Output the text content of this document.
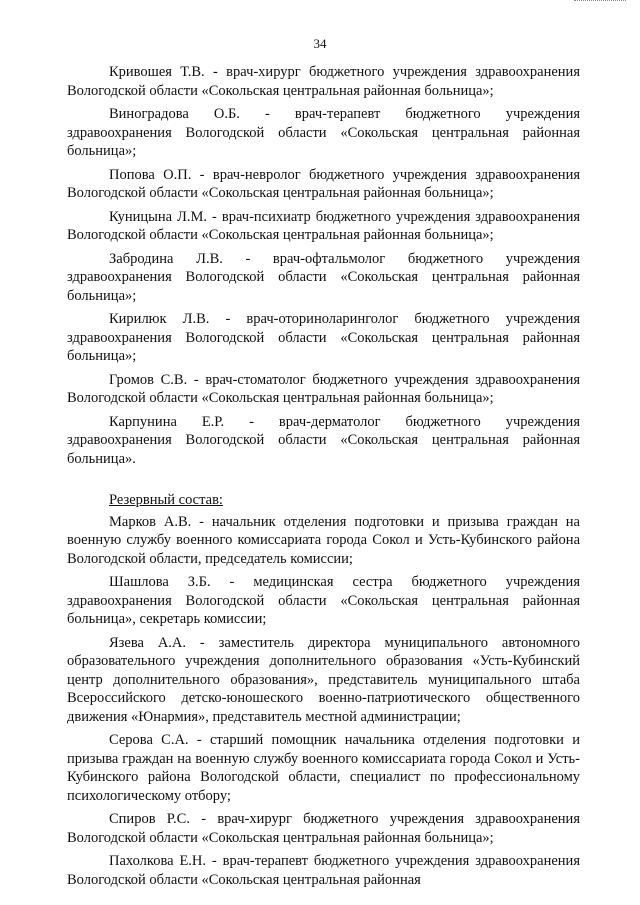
34

Кривошея Т.В. - врач-хирург бюджетного учреждения здравоохранения Вологодской области «Сокольская центральная районная больница»;

Виноградова О.Б. - врач-терапевт бюджетного учреждения здравоохранения Вологодской области «Сокольская центральная районная больница»;

Попова О.П. - врач-невролог бюджетного учреждения здравоохранения Вологодской области «Сокольская центральная районная больница»;

Куницына Л.М. - врач-психиатр бюджетного учреждения здравоохранения Вологодской области «Сокольская центральная районная больница»;

Забродина Л.В. - врач-офтальмолог бюджетного учреждения здравоохранения Вологодской области «Сокольская центральная районная больница»;

Кирилюк Л.В. - врач-оториноларинголог бюджетного учреждения здравоохранения Вологодской области «Сокольская центральная районная больница»;

Громов С.В. - врач-стоматолог бюджетного учреждения здравоохранения Вологодской области «Сокольская центральная районная больница»;

Карпунина Е.Р. - врач-дерматолог бюджетного учреждения здравоохранения Вологодской области «Сокольская центральная районная больница».

Резервный состав:

Марков А.В. - начальник отделения подготовки и призыва граждан на военную службу военного комиссариата города Сокол и Усть-Кубинского района Вологодской области, председатель комиссии;

Шашлова З.Б. - медицинская сестра бюджетного учреждения здравоохранения Вологодской области «Сокольская центральная районная больница», секретарь комиссии;

Язева А.А. - заместитель директора муниципального автономного образовательного учреждения дополнительного образования «Усть-Кубинский центр дополнительного образования», представитель муниципального штаба Всероссийского детско-юношеского военно-патриотического общественного движения «Юнармия», представитель местной администрации;

Серова С.А. - старший помощник начальника отделения подготовки и призыва граждан на военную службу военного комиссариата города Сокол и Усть-Кубинского района Вологодской области, специалист по профессиональному психологическому отбору;

Спиров Р.С. - врач-хирург бюджетного учреждения здравоохранения Вологодской области «Сокольская центральная районная больница»;

Пахолкова Е.Н. - врач-терапевт бюджетного учреждения здравоохранения Вологодской области «Сокольская центральная районная
